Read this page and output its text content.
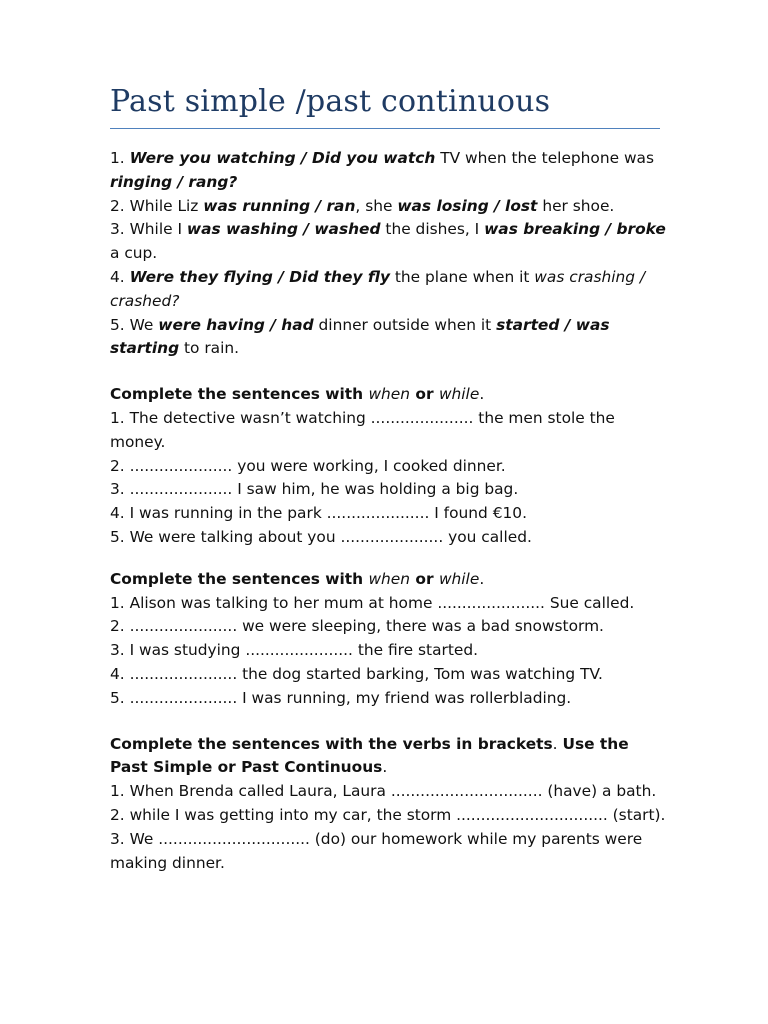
Past simple /past continuous

1. Were you watching / Did you watch TV when the telephone was ringing / rang?

2. While Liz was running / ran, she was losing / lost her shoe.

3. While I was washing / washed the dishes, I was breaking / broke a cup.

4. Were they flying / Did they fly the plane when it was crashing / crashed?

5. We were having / had dinner outside when it started / was starting to rain.

Complete the sentences with when or while.

1. The detective wasn’t watching ..................... the men stole the money.

2. ..................... you were working, I cooked dinner.

3. ..................... I saw him, he was holding a big bag.

4. I was running in the park ..................... I found €10.

5. We were talking about you ..................... you called.

Complete the sentences with when or while.

1. Alison was talking to her mum at home ...................... Sue called.

2. ...................... we were sleeping, there was a bad snowstorm.

3. I was studying ...................... the fire started.

4. ...................... the dog started barking, Tom was watching TV.

5. ...................... I was running, my friend was rollerblading.

Complete the sentences with the verbs in brackets. Use the Past Simple or Past Continuous.

1. When Brenda called Laura, Laura ............................... (have) a bath.

2. while I was getting into my car, the storm ............................... (start).

3. We ............................... (do) our homework while my parents were making dinner.
